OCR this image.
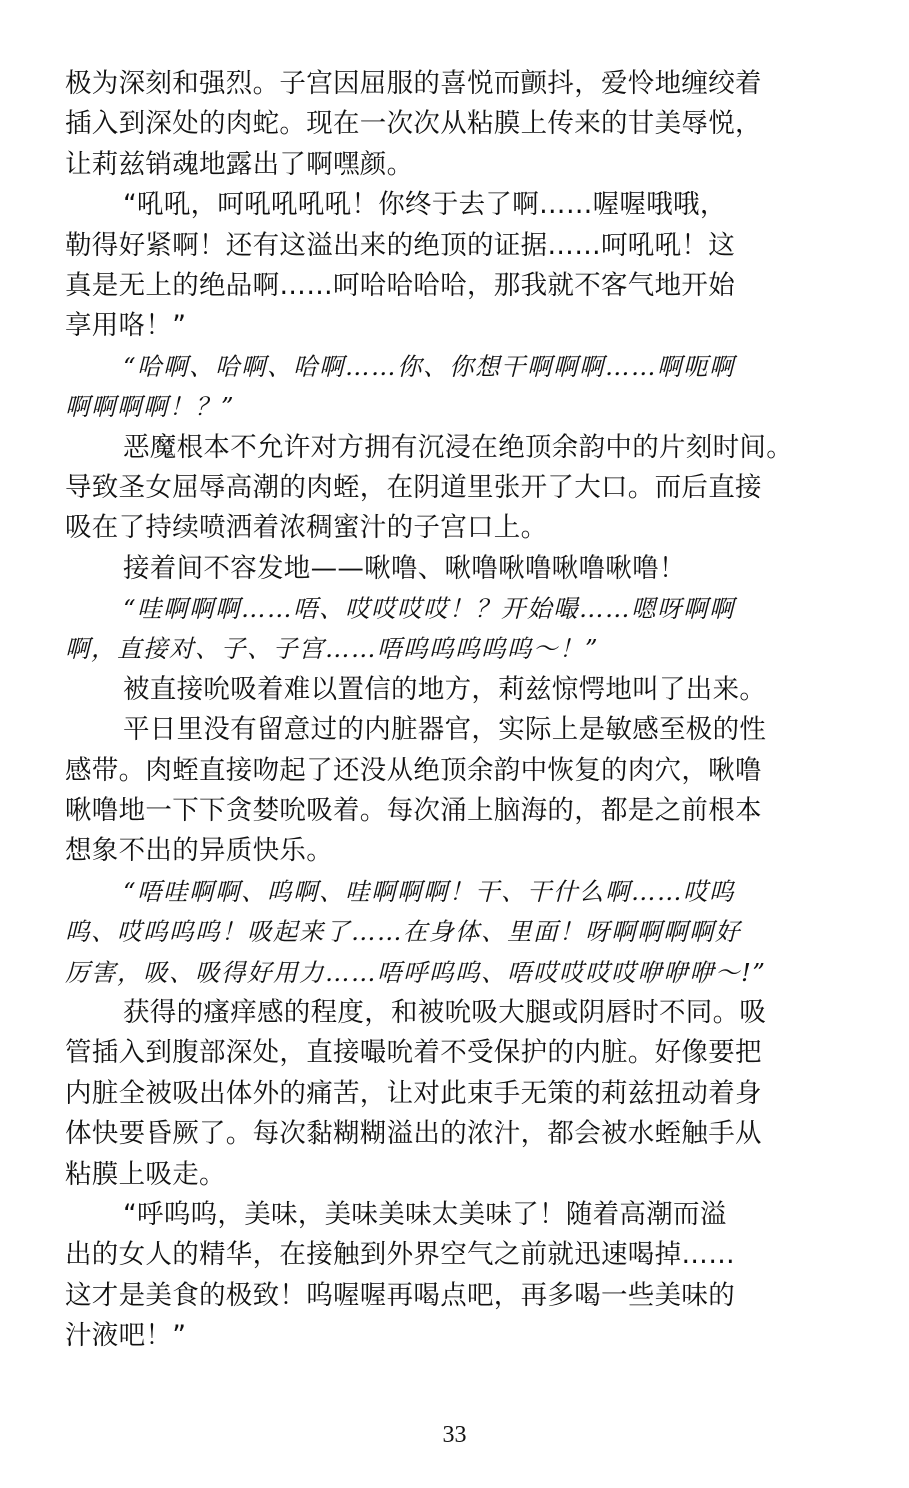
极为深刻和强烈。子宫因屈服的喜悦而颤抖，爱怜地缠绞着
插入到深处的肉蛇。现在一次次从粘膜上传来的甘美辱悦，
让莉兹销魂地露出了啊嘿颜。
“吼吼，呵吼吼吼吼！你终于去了啊……喔喔哦哦，
勒得好紧啊！还有这溢出来的绝顶的证据……呵吼吼！这
真是无上的绝品啊……呵哈哈哈哈，那我就不客气地开始
享用咯！”
“哈啊、哈啊、哈啊……你、你想干啊啊啊……啊呃啊
啊啊啊啊！？”
恶魔根本不允许对方拥有沉浸在绝顶余韵中的片刻时间。
导致圣女屈辱高潮的肉蛭，在阴道里张开了大口。而后直接
吸在了持续喷洒着浓稠蜜汁的子宫口上。
接着间不容发地——啾噜、啾噜啾噜啾噜啾噜！
“哇啊啊啊……唔、哎哎哎哎！？开始嘬……嗯呀啊啊
啊，直接对、子、子宫……唔呜呜呜呜呜～！”
被直接吮吸着难以置信的地方，莉兹惊愕地叫了出来。
平日里没有留意过的内脏器官，实际上是敏感至极的性
感带。肉蛭直接吻起了还没从绝顶余韵中恢复的肉穴，啾噜
啾噜地一下下贪婪吮吸着。每次涌上脑海的，都是之前根本
想象不出的异质快乐。
“唔哇啊啊、呜啊、哇啊啊啊！干、干什么啊……哎呜
呜、哎呜呜呜！吸起来了……在身体、里面！呀啊啊啊啊好
厉害，吸、吸得好用力……唔呼呜呜、唔哎哎哎哎咿咿咿～!”
获得的瘙痒感的程度，和被吮吸大腿或阴唇时不同。吸
管插入到腹部深处，直接嘬吮着不受保护的内脏。好像要把
内脏全被吸出体外的痛苦，让对此束手无策的莉兹扭动着身
体快要昏厥了。每次黏糊糊溢出的浓汁，都会被水蛭触手从
粘膜上吸走。
“呼呜呜，美味，美味美味太美味了！随着高潮而溢
出的女人的精华，在接触到外界空气之前就迅速喝掉……
这才是美食的极致！呜喔喔再喝点吧，再多喝一些美味的
汁液吧！”
33
